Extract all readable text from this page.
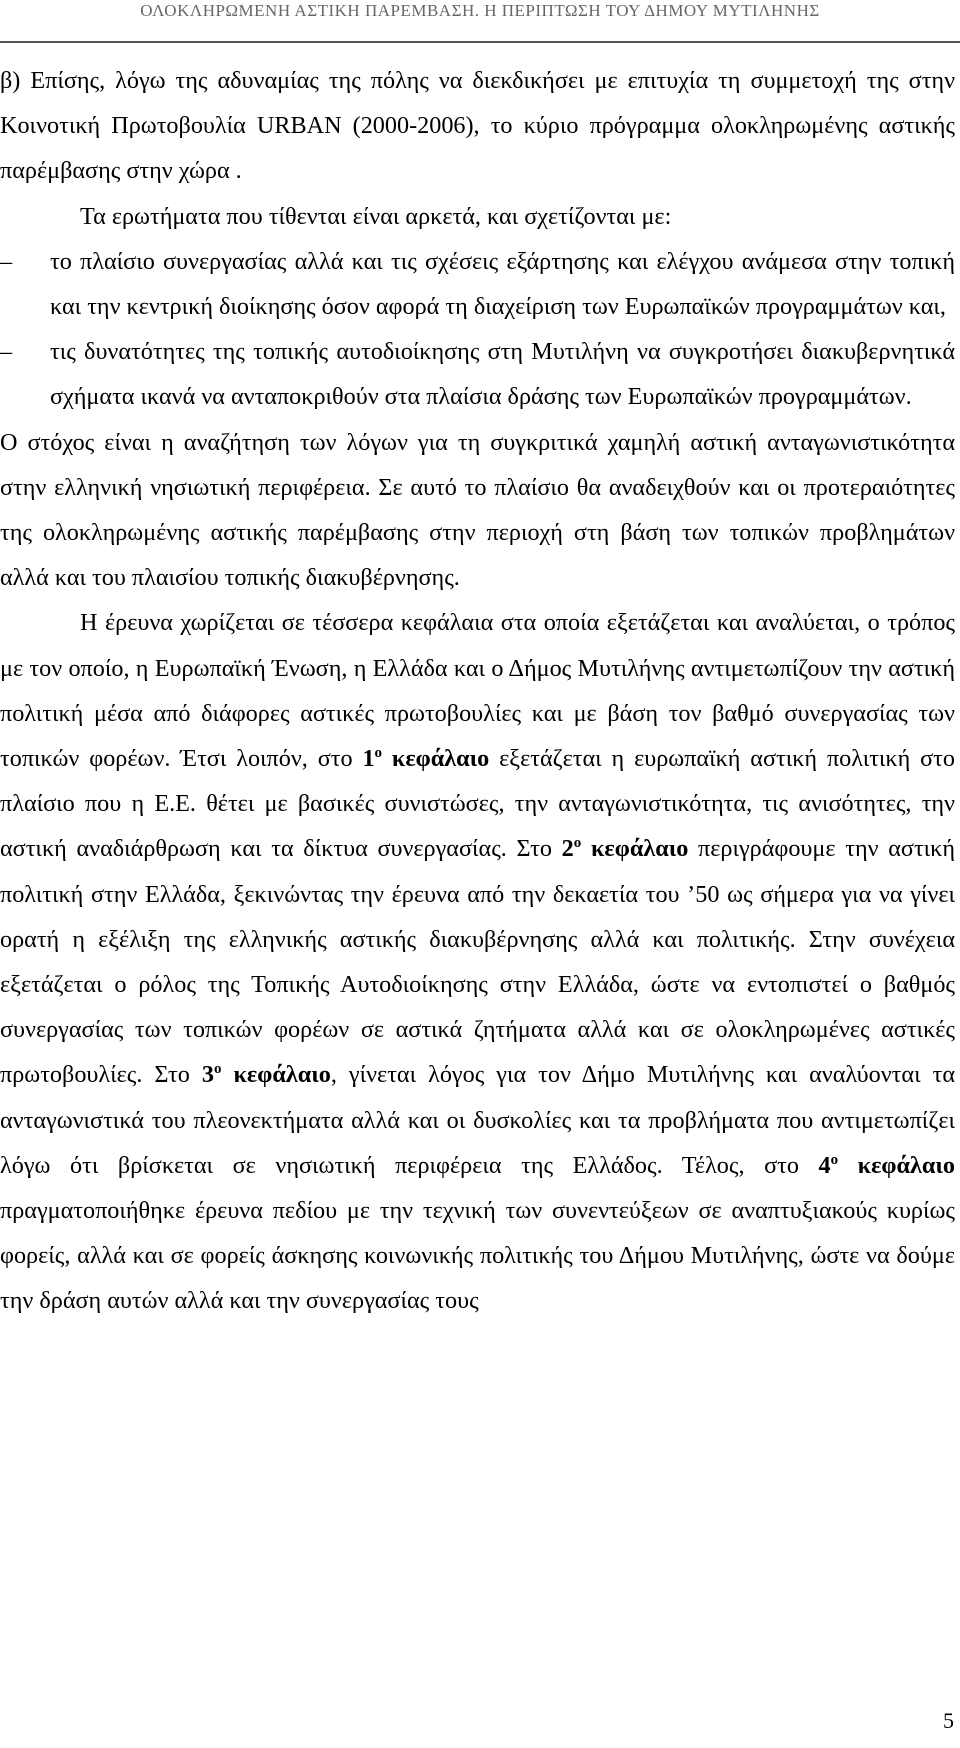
ΟΛΟΚΛΗΡΩΜΕΝΗ ΑΣΤΙΚΗ ΠΑΡΕΜΒΑΣΗ. Η ΠΕΡΙΠΤΩΣΗ ΤΟΥ ΔΗΜΟΥ ΜΥΤΙΛΗΝΗΣ

β) Επίσης, λόγω της αδυναμίας της πόλης να διεκδικήσει με επιτυχία τη συμμετοχή της στην Κοινοτική Πρωτοβουλία URBAN (2000-2006), το κύριο πρόγραμμα ολοκληρωμένης αστικής παρέμβασης στην χώρα .

Τα ερωτήματα που τίθενται είναι αρκετά, και σχετίζονται με:

–	το πλαίσιο συνεργασίας αλλά και τις σχέσεις εξάρτησης και ελέγχου ανάμεσα στην τοπική και την κεντρική διοίκησης όσον αφορά τη διαχείριση των Ευρωπαϊκών προγραμμάτων και,
–	τις δυνατότητες της τοπικής αυτοδιοίκησης στη Μυτιλήνη να συγκροτήσει διακυβερνητικά σχήματα ικανά να ανταποκριθούν στα πλαίσια δράσης των Ευρωπαϊκών προγραμμάτων.

Ο στόχος είναι η αναζήτηση των λόγων για τη συγκριτικά χαμηλή αστική ανταγωνιστικότητα στην ελληνική νησιωτική περιφέρεια. Σε αυτό το πλαίσιο θα αναδειχθούν και οι προτεραιότητες της ολοκληρωμένης αστικής παρέμβασης στην περιοχή στη βάση των τοπικών προβλημάτων αλλά και του πλαισίου τοπικής διακυβέρνησης.

Η έρευνα χωρίζεται σε τέσσερα κεφάλαια στα οποία εξετάζεται και αναλύεται, ο τρόπος με τον οποίο, η Ευρωπαϊκή Ένωση, η Ελλάδα και ο Δήμος Μυτιλήνης αντιμετωπίζουν την αστική πολιτική μέσα από διάφορες αστικές πρωτοβουλίες και με βάση τον βαθμό συνεργασίας των τοπικών φορέων. Έτσι λοιπόν, στο $1^o$ κεφάλαιο εξετάζεται η ευρωπαϊκή αστική πολιτική στο πλαίσιο που η Ε.Ε. θέτει με βασικές συνιστώσες, την ανταγωνιστικότητα, τις ανισότητες, την αστική αναδιάρθρωση και τα δίκτυα συνεργασίας. Στο $2^o$ κεφάλαιο περιγράφουμε την αστική πολιτική στην Ελλάδα, ξεκινώντας την έρευνα από την δεκαετία του ’50 ως σήμερα για να γίνει ορατή η εξέλιξη της ελληνικής αστικής διακυβέρνησης αλλά και πολιτικής. Στην συνέχεια εξετάζεται ο ρόλος της Τοπικής Αυτοδιοίκησης στην Ελλάδα, ώστε να εντοπιστεί ο βαθμός συνεργασίας των τοπικών φορέων σε αστικά ζητήματα αλλά και σε ολοκληρωμένες αστικές πρωτοβουλίες. Στο $3^o$ κεφάλαιο, γίνεται λόγος για τον Δήμο Μυτιλήνης και αναλύονται τα ανταγωνιστικά του πλεονεκτήματα αλλά και οι δυσκολίες και τα προβλήματα που αντιμετωπίζει λόγω ότι βρίσκεται σε νησιωτική περιφέρεια της Ελλάδος. Τέλος, στο $4^o$ κεφάλαιο πραγματοποιήθηκε έρευνα πεδίου με την τεχνική των συνεντεύξεων σε αναπτυξιακούς κυρίως φορείς, αλλά και σε φορείς άσκησης κοινωνικής πολιτικής του Δήμου Μυτιλήνης, ώστε να δούμε την δράση αυτών αλλά και την συνεργασίας τους

5
